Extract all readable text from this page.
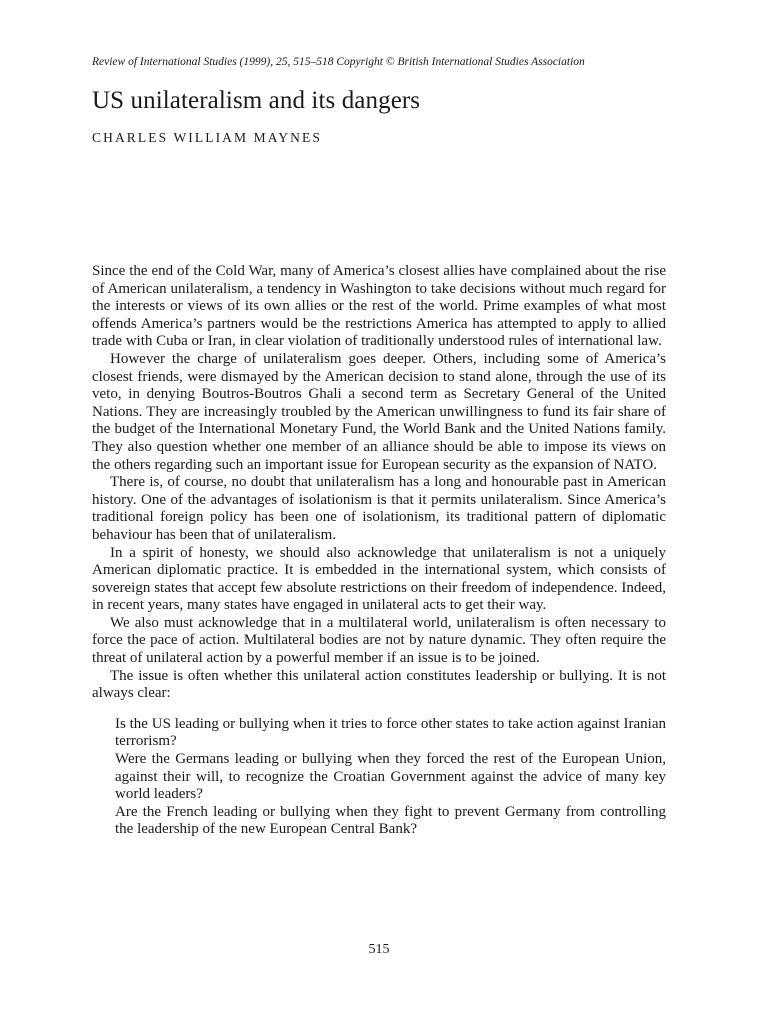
Review of International Studies (1999), 25, 515–518 Copyright © British International Studies Association
US unilateralism and its dangers
CHARLES WILLIAM MAYNES

Since the end of the Cold War, many of America’s closest allies have complained about the rise of American unilateralism, a tendency in Washington to take decisions without much regard for the interests or views of its own allies or the rest of the world. Prime examples of what most offends America’s partners would be the restrictions America has attempted to apply to allied trade with Cuba or Iran, in clear violation of traditionally understood rules of international law.

However the charge of unilateralism goes deeper. Others, including some of America’s closest friends, were dismayed by the American decision to stand alone, through the use of its veto, in denying Boutros-Boutros Ghali a second term as Secretary General of the United Nations. They are increasingly troubled by the American unwillingness to fund its fair share of the budget of the International Monetary Fund, the World Bank and the United Nations family. They also question whether one member of an alliance should be able to impose its views on the others regarding such an important issue for European security as the expansion of NATO.

There is, of course, no doubt that unilateralism has a long and honourable past in American history. One of the advantages of isolationism is that it permits unilateralism. Since America’s traditional foreign policy has been one of isolationism, its traditional pattern of diplomatic behaviour has been that of unilateralism.

In a spirit of honesty, we should also acknowledge that unilateralism is not a uniquely American diplomatic practice. It is embedded in the international system, which consists of sovereign states that accept few absolute restrictions on their freedom of independence. Indeed, in recent years, many states have engaged in unilateral acts to get their way.

We also must acknowledge that in a multilateral world, unilateralism is often necessary to force the pace of action. Multilateral bodies are not by nature dynamic. They often require the threat of unilateral action by a powerful member if an issue is to be joined.

The issue is often whether this unilateral action constitutes leadership or bullying. It is not always clear:

Is the US leading or bullying when it tries to force other states to take action against Iranian terrorism?

Were the Germans leading or bullying when they forced the rest of the European Union, against their will, to recognize the Croatian Government against the advice of many key world leaders?

Are the French leading or bullying when they fight to prevent Germany from controlling the leadership of the new European Central Bank?

515
